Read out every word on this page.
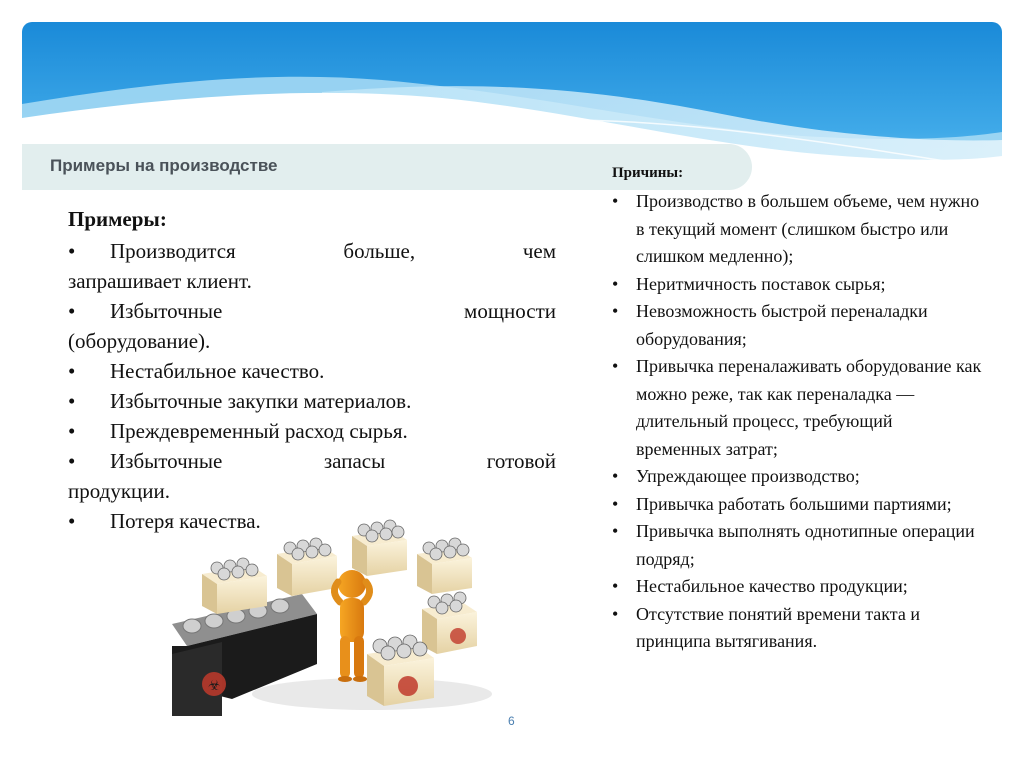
Примеры на производстве
Примеры:
• Производится больше, чем
запрашивает клиент.
• Избыточные мощности
(оборудование).
• Нестабильное качество.
• Избыточные закупки материалов.
• Преждевременный расход сырья.
• Избыточные запасы готовой
продукции.
• Потеря качества.
Причины:
• Производство в большем объеме, чем нужно в текущий момент (слишком быстро или слишком медленно);
• Неритмичность поставок сырья;
• Невозможность быстрой переналадки оборудования;
• Привычка переналаживать оборудование как можно реже, так как переналадка — длительный процесс, требующий временных затрат;
• Упреждающее производство;
• Привычка работать большими партиями;
• Привычка выполнять однотипные операции подряд;
• Нестабильное качество продукции;
• Отсутствие понятий времени такта и принципа вытягивания.
☣
6
